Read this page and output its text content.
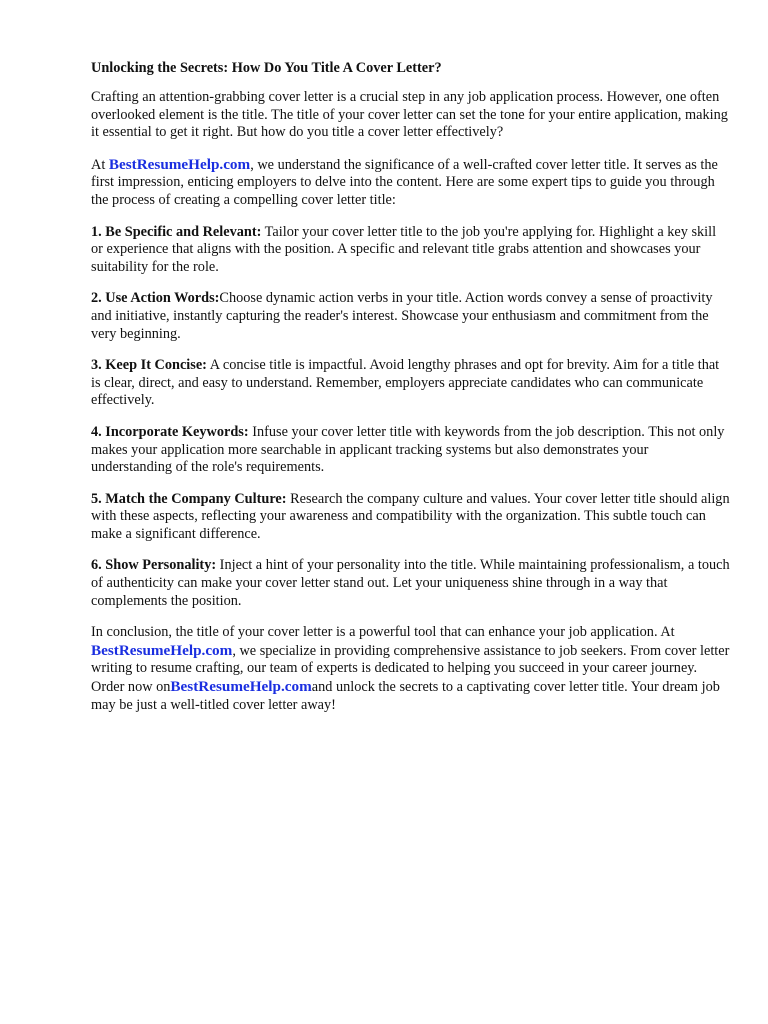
Unlocking the Secrets: How Do You Title A Cover Letter?

Crafting an attention-grabbing cover letter is a crucial step in any job application process. However, one often overlooked element is the title. The title of your cover letter can set the tone for your entire application, making it essential to get it right. But how do you title a cover letter effectively?

At BestResumeHelp.com, we understand the significance of a well-crafted cover letter title. It serves as the first impression, enticing employers to delve into the content. Here are some expert tips to guide you through the process of creating a compelling cover letter title:

1. Be Specific and Relevant: Tailor your cover letter title to the job you're applying for. Highlight a key skill or experience that aligns with the position. A specific and relevant title grabs attention and showcases your suitability for the role.

2. Use Action Words:Choose dynamic action verbs in your title. Action words convey a sense of proactivity and initiative, instantly capturing the reader's interest. Showcase your enthusiasm and commitment from the very beginning.

3. Keep It Concise: A concise title is impactful. Avoid lengthy phrases and opt for brevity. Aim for a title that is clear, direct, and easy to understand. Remember, employers appreciate candidates who can communicate effectively.

4. Incorporate Keywords: Infuse your cover letter title with keywords from the job description. This not only makes your application more searchable in applicant tracking systems but also demonstrates your understanding of the role's requirements.

5. Match the Company Culture: Research the company culture and values. Your cover letter title should align with these aspects, reflecting your awareness and compatibility with the organization. This subtle touch can make a significant difference.

6. Show Personality: Inject a hint of your personality into the title. While maintaining professionalism, a touch of authenticity can make your cover letter stand out. Let your uniqueness shine through in a way that complements the position.

In conclusion, the title of your cover letter is a powerful tool that can enhance your job application. At BestResumeHelp.com, we specialize in providing comprehensive assistance to job seekers. From cover letter writing to resume crafting, our team of experts is dedicated to helping you succeed in your career journey. Order now onBestResumeHelp.comand unlock the secrets to a captivating cover letter title. Your dream job may be just a well-titled cover letter away!
